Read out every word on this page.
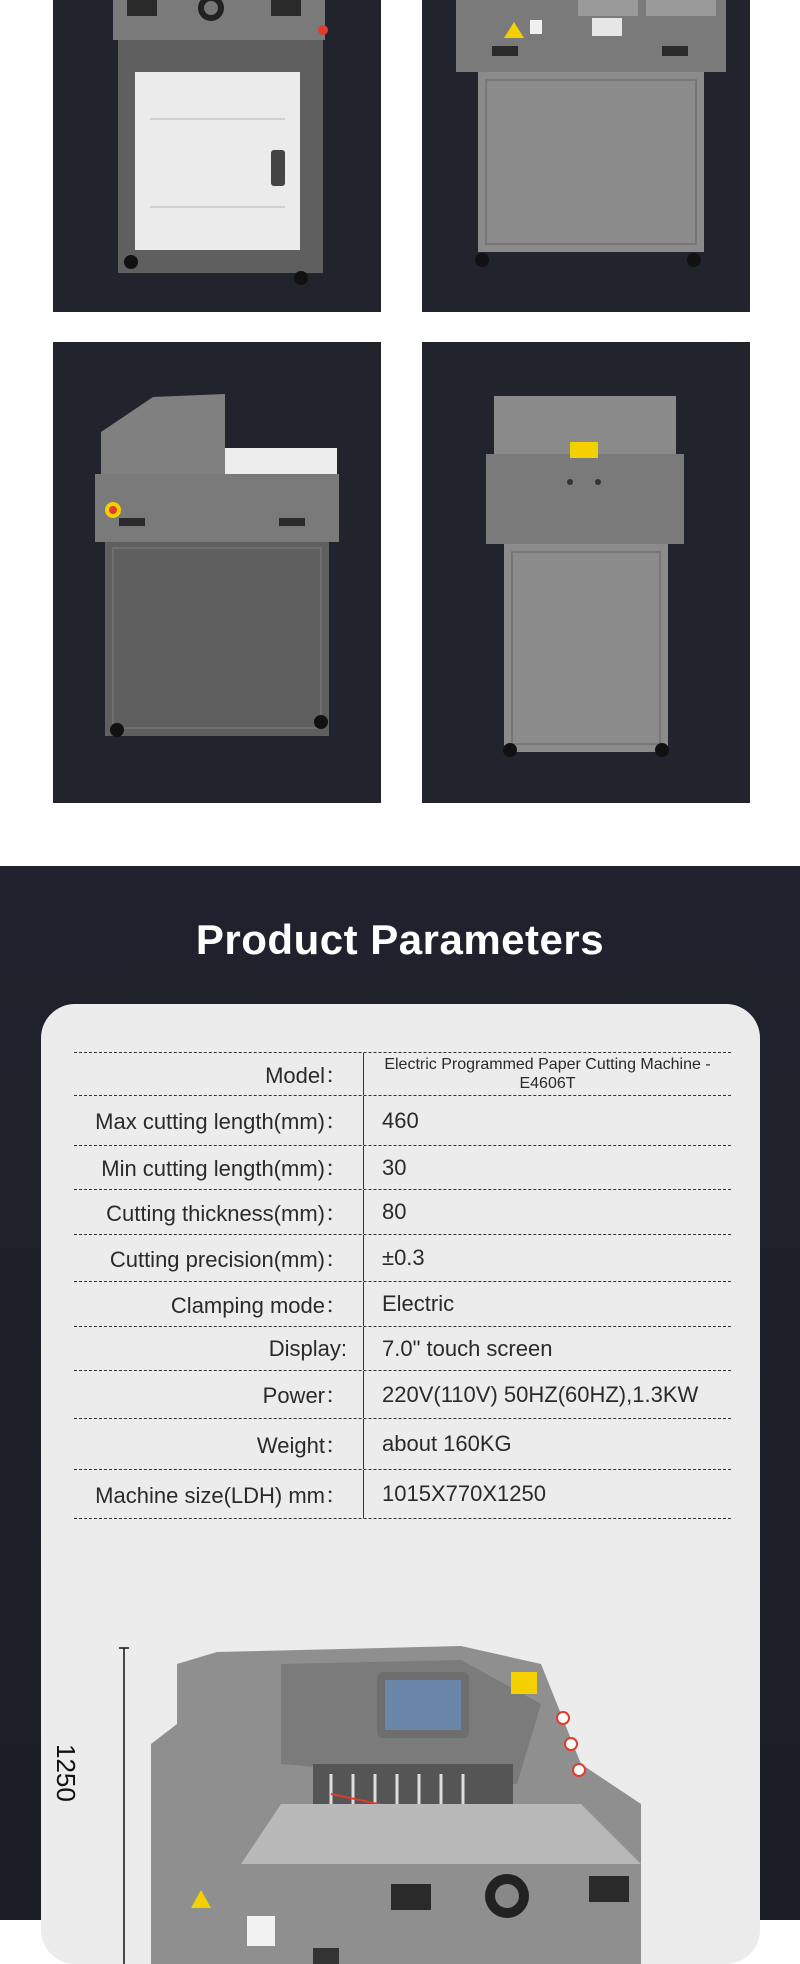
Product Parameters
Model：	Electric Programmed Paper Cutting Machine -E4606T
Max cutting length(mm)：	460
Min cutting length(mm)：	30
Cutting thickness(mm)：	80
Cutting precision(mm)：	±0.3
Clamping mode：	Electric
Display:	7.0" touch screen
Power：	220V(110V) 50HZ(60HZ),1.3KW
Weight：	about 160KG
Machine size(LDH) mm：	1015X770X1250
1250
